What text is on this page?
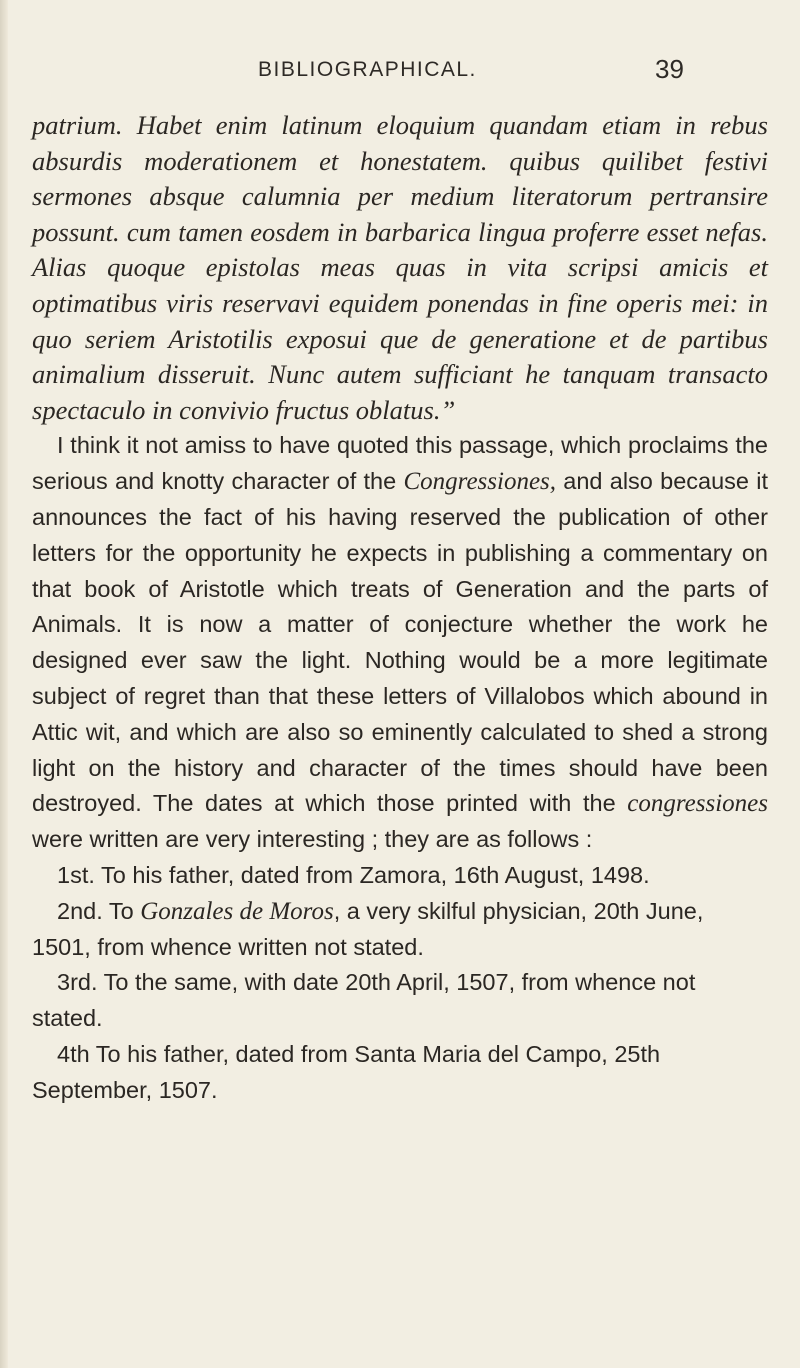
BIBLIOGRAPHICAL.	39

patrium. Habet enim latinum eloquium quandam etiam in rebus absurdis moderationem et honestatem. quibus quilibet festivi sermones absque calumnia per medium literatorum pertransire possunt. cum tamen eosdem in barbarica lingua proferre esset nefas. Alias quoque epistolas meas quas in vita scripsi amicis et optimatibus viris reservavi equidem ponendas in fine operis mei: in quo seriem Aristotilis exposui que de generatione et de partibus animalium disseruit. Nunc autem sufficiant he tanquam transacto spectaculo in convivio fructus oblatus.”

I think it not amiss to have quoted this passage, which proclaims the serious and knotty character of the Congressiones, and also because it announces the fact of his having reserved the publication of other letters for the opportunity he expects in publishing a commentary on that book of Aristotle which treats of Generation and the parts of Animals. It is now a matter of conjecture whether the work he designed ever saw the light. Nothing would be a more legitimate subject of regret than that these letters of Villalobos which abound in Attic wit, and which are also so eminently calculated to shed a strong light on the history and character of the times should have been destroyed. The dates at which those printed with the congressiones were written are very interesting ; they are as follows :

1st. To his father, dated from Zamora, 16th August, 1498.

2nd. To Gonzales de Moros, a very skilful physician, 20th June, 1501, from whence written not stated.

3rd. To the same, with date 20th April, 1507, from whence not stated.

4th To his father, dated from Santa Maria del Campo, 25th September, 1507.
